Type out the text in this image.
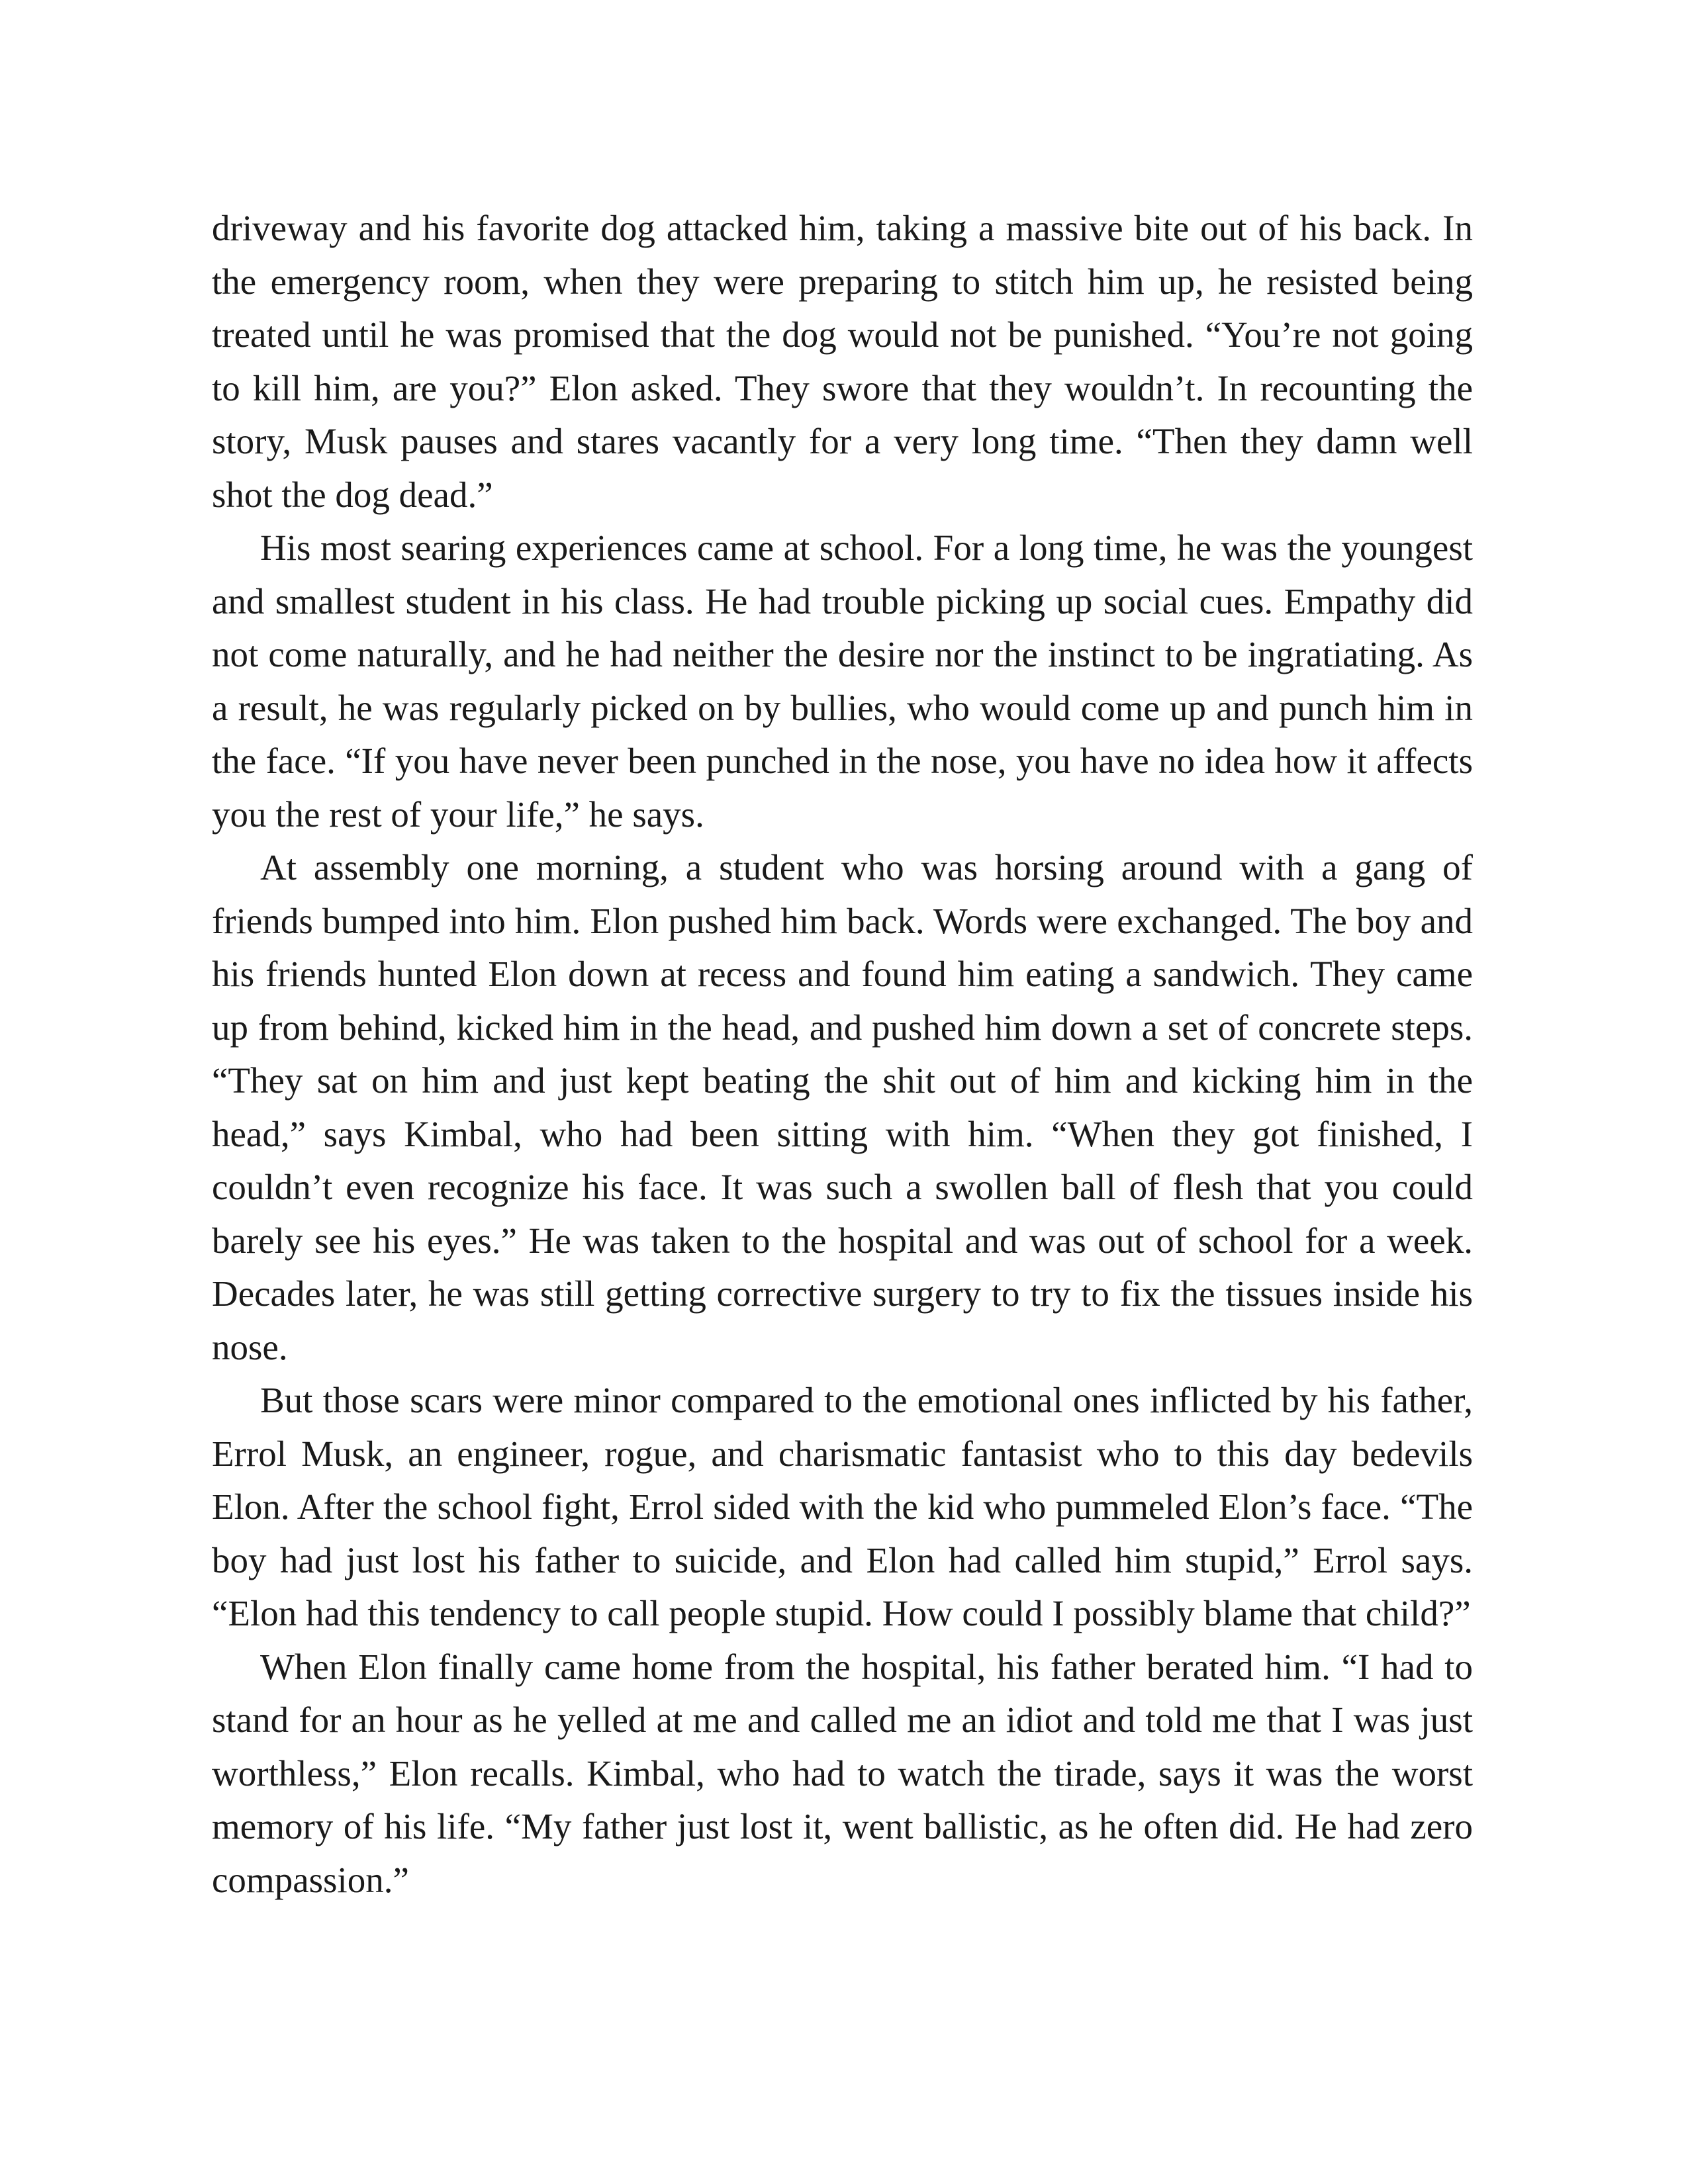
driveway and his favorite dog attacked him, taking a massive bite out of his back. In the emergency room, when they were preparing to stitch him up, he resisted being treated until he was promised that the dog would not be punished. “You’re not going to kill him, are you?” Elon asked. They swore that they wouldn’t. In recounting the story, Musk pauses and stares vacantly for a very long time. “Then they damn well shot the dog dead.”

His most searing experiences came at school. For a long time, he was the youngest and smallest student in his class. He had trouble picking up social cues. Empathy did not come naturally, and he had neither the desire nor the instinct to be ingratiating. As a result, he was regularly picked on by bullies, who would come up and punch him in the face. “If you have never been punched in the nose, you have no idea how it affects you the rest of your life,” he says.

At assembly one morning, a student who was horsing around with a gang of friends bumped into him. Elon pushed him back. Words were exchanged. The boy and his friends hunted Elon down at recess and found him eating a sandwich. They came up from behind, kicked him in the head, and pushed him down a set of concrete steps. “They sat on him and just kept beating the shit out of him and kicking him in the head,” says Kimbal, who had been sitting with him. “When they got finished, I couldn’t even recognize his face. It was such a swollen ball of flesh that you could barely see his eyes.” He was taken to the hospital and was out of school for a week. Decades later, he was still getting corrective surgery to try to fix the tissues inside his nose.

But those scars were minor compared to the emotional ones inflicted by his father, Errol Musk, an engineer, rogue, and charismatic fantasist who to this day bedevils Elon. After the school fight, Errol sided with the kid who pummeled Elon’s face. “The boy had just lost his father to suicide, and Elon had called him stupid,” Errol says. “Elon had this tendency to call people stupid. How could I possibly blame that child?”

When Elon finally came home from the hospital, his father berated him. “I had to stand for an hour as he yelled at me and called me an idiot and told me that I was just worthless,” Elon recalls. Kimbal, who had to watch the tirade, says it was the worst memory of his life. “My father just lost it, went ballistic, as he often did. He had zero compassion.”
